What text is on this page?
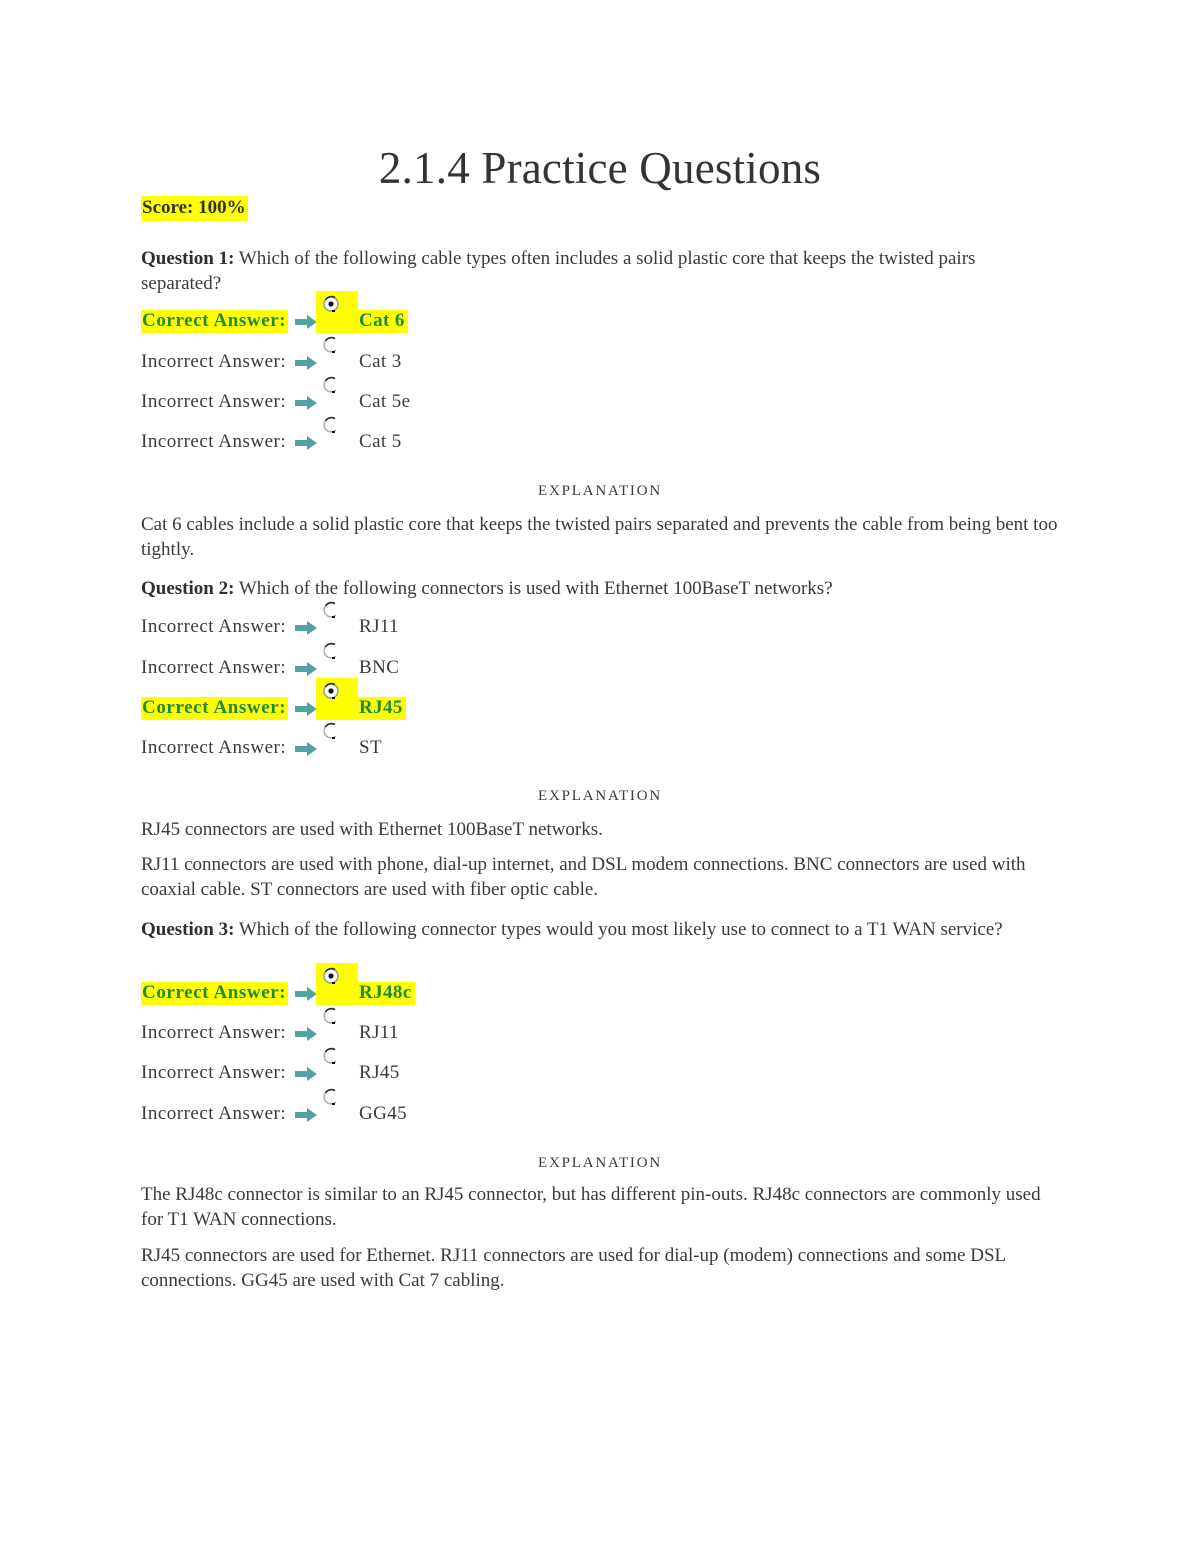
2.1.4 Practice Questions
Score: 100%
Question 1: Which of the following cable types often includes a solid plastic core that keeps the twisted pairs separated?
Correct Answer:	Cat 6
Incorrect Answer:	Cat 3
Incorrect Answer:	Cat 5e
Incorrect Answer:	Cat 5
EXPLANATION
Cat 6 cables include a solid plastic core that keeps the twisted pairs separated and prevents the cable from being bent too tightly.
Question 2: Which of the following connectors is used with Ethernet 100BaseT networks?
Incorrect Answer:	RJ11
Incorrect Answer:	BNC
Correct Answer:	RJ45
Incorrect Answer:	ST
EXPLANATION
RJ45 connectors are used with Ethernet 100BaseT networks.
RJ11 connectors are used with phone, dial-up internet, and DSL modem connections. BNC connectors are used with coaxial cable. ST connectors are used with fiber optic cable.
Question 3: Which of the following connector types would you most likely use to connect to a T1 WAN service?
Correct Answer:	RJ48c
Incorrect Answer:	RJ11
Incorrect Answer:	RJ45
Incorrect Answer:	GG45
EXPLANATION
The RJ48c connector is similar to an RJ45 connector, but has different pin-outs. RJ48c connectors are commonly used for T1 WAN connections.
RJ45 connectors are used for Ethernet. RJ11 connectors are used for dial-up (modem) connections and some DSL connections. GG45 are used with Cat 7 cabling.
